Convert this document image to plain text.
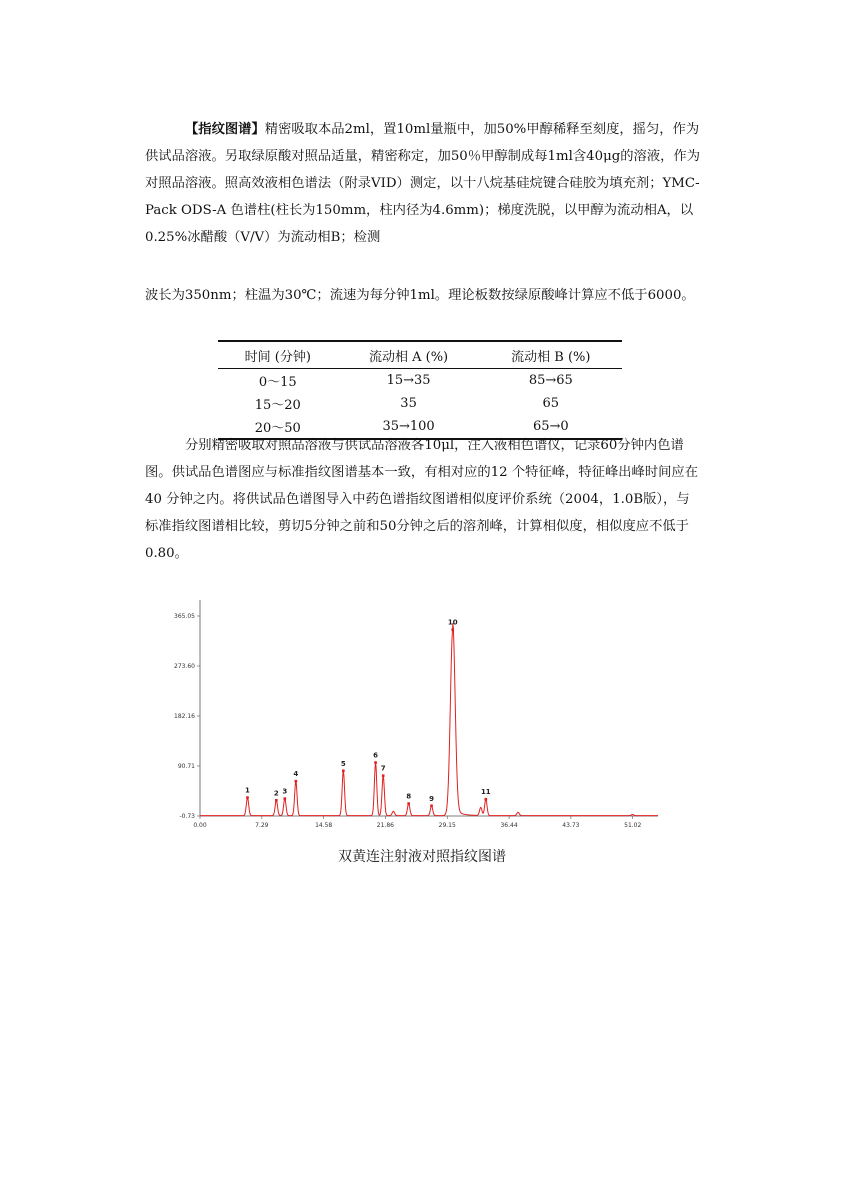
【指纹图谱】精密吸取本品2ml，置10ml量瓶中，加50%甲醇稀释至刻度，摇匀，作为供试品溶液。另取绿原酸对照品适量，精密称定，加50％甲醇制成每1ml含40μg的溶液，作为对照品溶液。照高效液相色谱法（附录VID）测定，以十八烷基硅烷键合硅胶为填充剂；YMC-Pack ODS-A 色谱柱(柱长为150mm，柱内径为4.6mm)；梯度洗脱，以甲醇为流动相A，以0.25%冰醋酸（V/V）为流动相B；检测

波长为350nm；柱温为30℃；流速为每分钟1ml。理论板数按绿原酸峰计算应不低于6000。

时间 (分钟)	流动相 A (%)	流动相 B (%)
0～15	15→35	85→65
15～20	35	65
20～50	35→100	65→0

分别精密吸取对照品溶液与供试品溶液各10μl，注入液相色谱仪，记录60分钟内色谱图。供试品色谱图应与标准指纹图谱基本一致，有相对应的12 个特征峰，特征峰出峰时间应在 40 分钟之内。将供试品色谱图导入中药色谱指纹图谱相似度评价系统（2004，1.0B版），与标准指纹图谱相比较，剪切5分钟之前和50分钟之后的溶剂峰，计算相似度，相似度应不低于0.80。

0.00	7.29	14.58	21.86	29.15	36.44	43.73	51.02
365.05
273.60
182.16
90.71
-0.73
1	2 3
4
5
6
7
8	9
10
11
双黄连注射液对照指纹图谱
